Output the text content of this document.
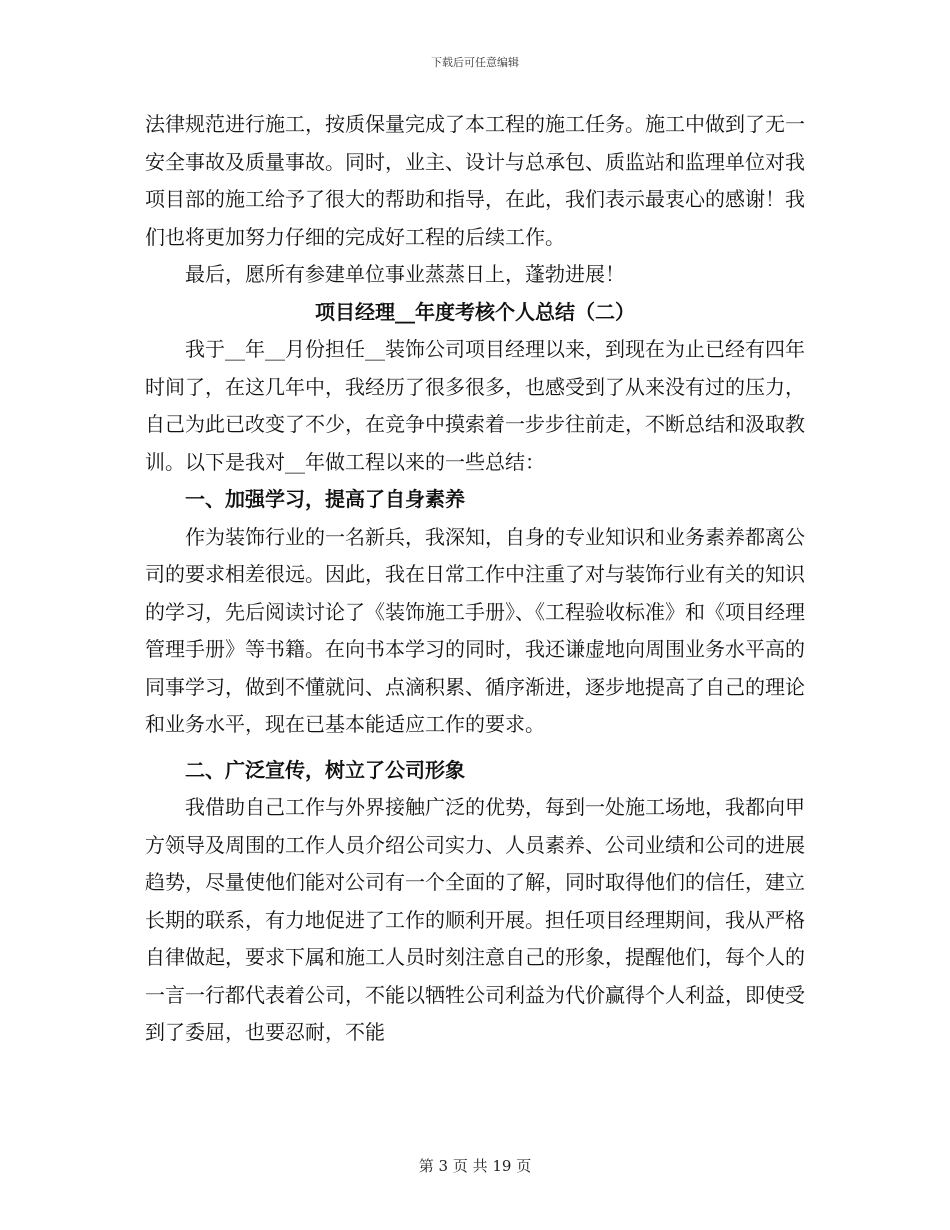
下载后可任意编辑

法律规范进行施工，按质保量完成了本工程的施工任务。施工中做到了无一安全事故及质量事故。同时，业主、设计与总承包、质监站和监理单位对我项目部的施工给予了很大的帮助和指导，在此，我们表示最衷心的感谢！我们也将更加努力仔细的完成好工程的后续工作。

最后，愿所有参建单位事业蒸蒸日上，蓬勃进展！

项目经理__年度考核个人总结（二）

我于__年__月份担任__装饰公司项目经理以来，到现在为止已经有四年时间了，在这几年中，我经历了很多很多，也感受到了从来没有过的压力，自己为此已改变了不少，在竞争中摸索着一步步往前走，不断总结和汲取教训。以下是我对__年做工程以来的一些总结：

一、加强学习，提高了自身素养

作为装饰行业的一名新兵，我深知，自身的专业知识和业务素养都离公司的要求相差很远。因此，我在日常工作中注重了对与装饰行业有关的知识的学习，先后阅读讨论了《装饰施工手册》、《工程验收标准》和《项目经理管理手册》等书籍。在向书本学习的同时，我还谦虚地向周围业务水平高的同事学习，做到不懂就问、点滴积累、循序渐进，逐步地提高了自己的理论和业务水平，现在已基本能适应工作的要求。

二、广泛宣传，树立了公司形象

我借助自己工作与外界接触广泛的优势，每到一处施工场地，我都向甲方领导及周围的工作人员介绍公司实力、人员素养、公司业绩和公司的进展趋势，尽量使他们能对公司有一个全面的了解，同时取得他们的信任，建立长期的联系，有力地促进了工作的顺利开展。担任项目经理期间，我从严格自律做起，要求下属和施工人员时刻注意自己的形象，提醒他们，每个人的一言一行都代表着公司，不能以牺牲公司利益为代价赢得个人利益，即使受到了委屈，也要忍耐，不能

第 3 页 共 19 页
